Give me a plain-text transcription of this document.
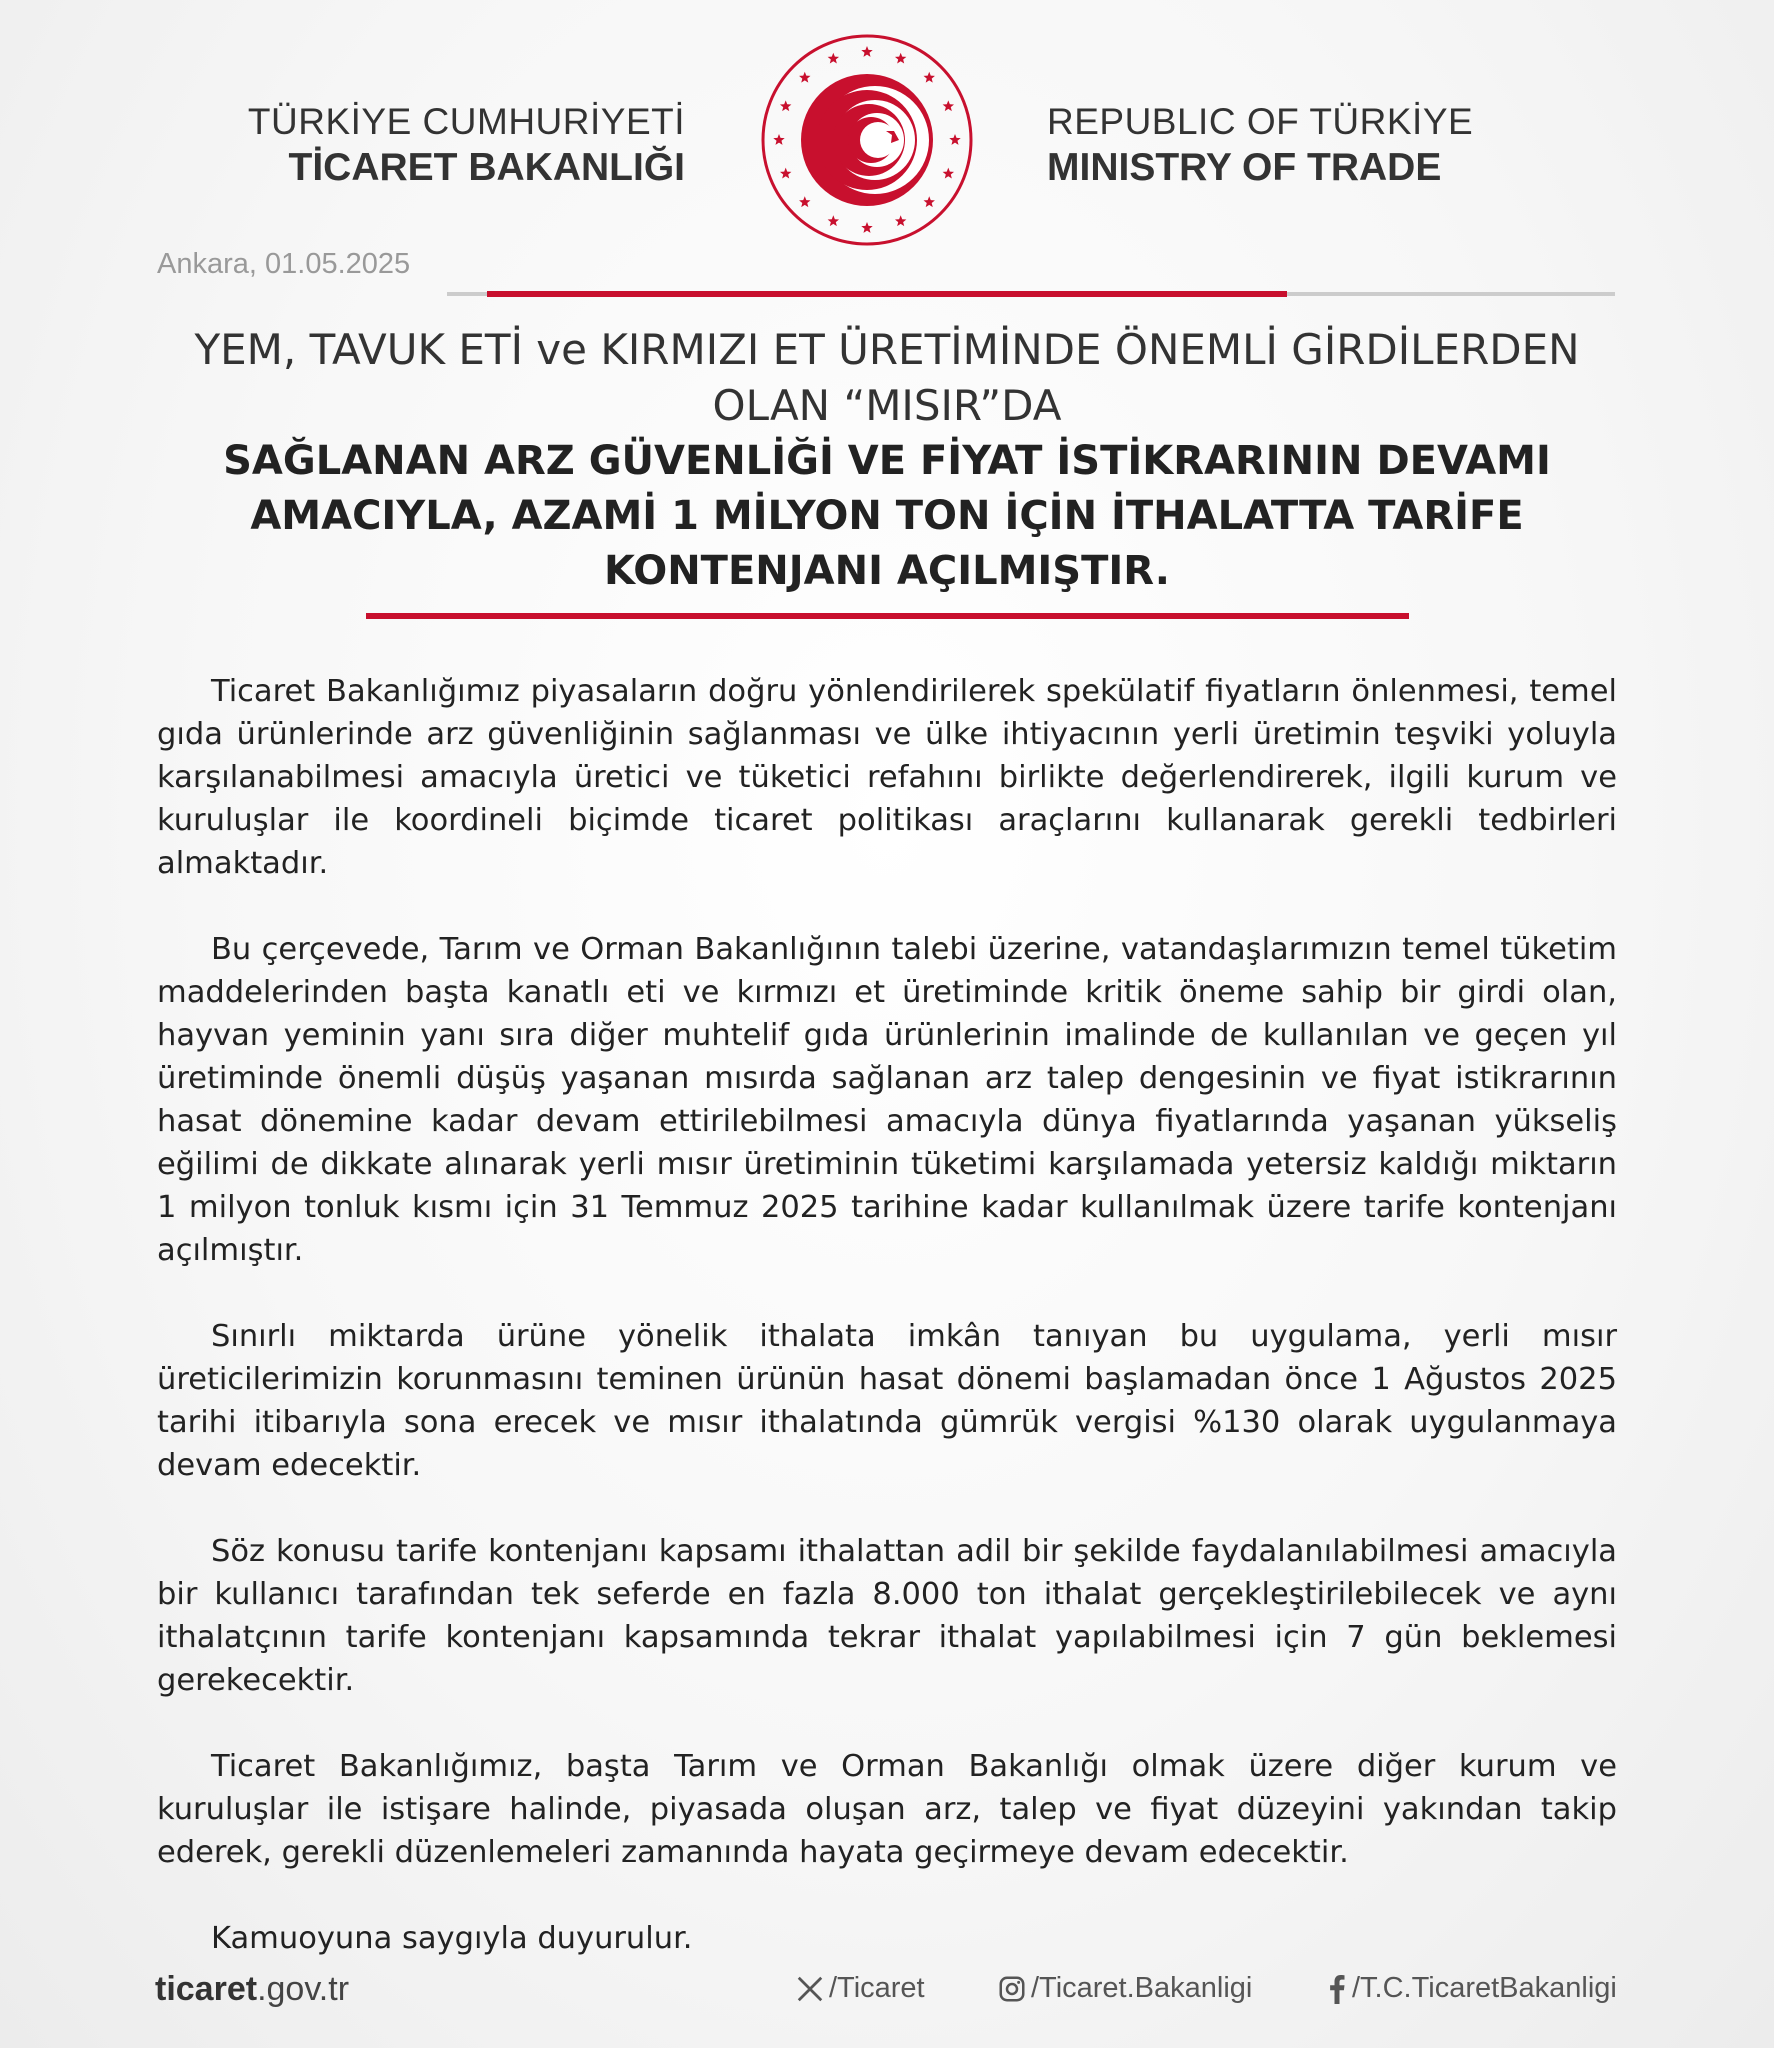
TÜRKİYE CUMHURİYETİ
TİCARET BAKANLIĞI
REPUBLIC OF TÜRKİYE
MINISTRY OF TRADE
Ankara, 01.05.2025
YEM, TAVUK ETİ ve KIRMIZI ET ÜRETİMİNDE ÖNEMLİ GİRDİLERDEN
OLAN “MISIR”DA
SAĞLANAN ARZ GÜVENLİĞİ VE FİYAT İSTİKRARININ DEVAMI
AMACIYLA, AZAMİ 1 MİLYON TON İÇİN İTHALATTA TARİFE
KONTENJANI AÇILMIŞTIR.

Ticaret Bakanlığımız piyasaların doğru yönlendirilerek spekülatif fiyatların önlenmesi, temel gıda ürünlerinde arz güvenliğinin sağlanması ve ülke ihtiyacının yerli üretimin teşviki yoluyla karşılanabilmesi amacıyla üretici ve tüketici refahını birlikte değerlendirerek, ilgili kurum ve kuruluşlar ile koordineli biçimde ticaret politikası araçlarını kullanarak gerekli tedbirleri almaktadır.

Bu çerçevede, Tarım ve Orman Bakanlığının talebi üzerine, vatandaşlarımızın temel tüketim maddelerinden başta kanatlı eti ve kırmızı et üretiminde kritik öneme sahip bir girdi olan, hayvan yeminin yanı sıra diğer muhtelif gıda ürünlerinin imalinde de kullanılan ve geçen yıl üretiminde önemli düşüş yaşanan mısırda sağlanan arz talep dengesinin ve fiyat istikrarının hasat dönemine kadar devam ettirilebilmesi amacıyla dünya fiyatlarında yaşanan yükseliş eğilimi de dikkate alınarak yerli mısır üretiminin tüketimi karşılamada yetersiz kaldığı miktarın 1 milyon tonluk kısmı için 31 Temmuz 2025 tarihine kadar kullanılmak üzere tarife kontenjanı açılmıştır.

Sınırlı miktarda ürüne yönelik ithalata imkân tanıyan bu uygulama, yerli mısır üreticilerimizin korunmasını teminen ürünün hasat dönemi başlamadan önce 1 Ağustos 2025 tarihi itibarıyla sona erecek ve mısır ithalatında gümrük vergisi %130 olarak uygulanmaya devam edecektir.

Söz konusu tarife kontenjanı kapsamı ithalattan adil bir şekilde faydalanılabilmesi amacıyla bir kullanıcı tarafından tek seferde en fazla 8.000 ton ithalat gerçekleştirilebilecek ve aynı ithalatçının tarife kontenjanı kapsamında tekrar ithalat yapılabilmesi için 7 gün beklemesi gerekecektir.

Ticaret Bakanlığımız, başta Tarım ve Orman Bakanlığı olmak üzere diğer kurum ve kuruluşlar ile istişare halinde, piyasada oluşan arz, talep ve fiyat düzeyini yakından takip ederek, gerekli düzenlemeleri zamanında hayata geçirmeye devam edecektir.

Kamuoyuna saygıyla duyurulur.

ticaret.gov.tr	/Ticaret	/Ticaret.Bakanligi	/T.C.TicaretBakanligi
